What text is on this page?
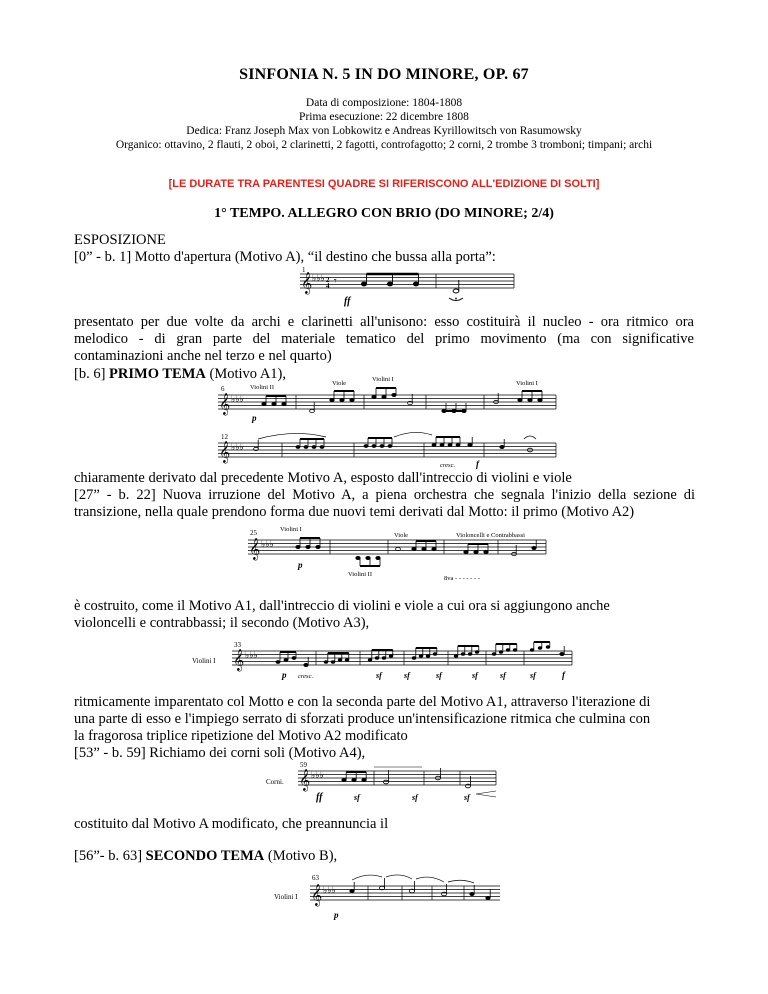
SINFONIA N. 5 IN DO MINORE, OP. 67
Data di composizione: 1804-1808
Prima esecuzione: 22 dicembre 1808
Dedica: Franz Joseph Max von Lobkowitz e Andreas Kyrillowitsch von Rasumowsky
Organico: ottavino, 2 flauti, 2 oboi, 2 clarinetti, 2 fagotti, controfagotto; 2 corni, 2 trombe 3 tromboni; timpani; archi
[LE DURATE TRA PARENTESI QUADRE SI RIFERISCONO ALL'EDIZIONE DI SOLTI]
1° TEMPO. ALLEGRO CON BRIO (DO MINORE; 2/4)
ESPOSIZIONE
[0” - b. 1] Motto d'apertura (Motivo A), “il destino che bussa alla porta”:
1
𝄞 ♭♭♭ 2
4 𝄾
ff
presentato per due volte da archi e clarinetti all'unisono: esso costituirà il nucleo - ora ritmico ora melodico - di gran parte del materiale tematico del primo movimento (ma con significative contaminazioni anche nel terzo e nel quarto)
[b. 6] PRIMO TEMA (Motivo A1),
6	Violini II
Viole
Violini I
Violini I
𝄞 ♭♭♭
12
𝄞 ♭♭♭
p
cresc. f
chiaramente derivato dal precedente Motivo A, esposto dall'intreccio di violini e viole
[27” - b. 22] Nuova irruzione del Motivo A, a piena orchestra che segnala l'inizio della sezione di transizione, nella quale prendono forma due nuovi temi derivati dal Motto: il primo (Motivo A2)
25	Violini I
Viole	Violoncelli e Contrabbassi
𝄞 ♭♭♭
p
Violini II
8va - - - - - - -
è costruito, come il Motivo A1, dall'intreccio di violini e viole a cui ora si aggiungono anche
violoncelli e contrabbassi; il secondo (Motivo A3),
33
Violini I 𝄞 ♭♭♭
p cresc.	sf	sf	sf	sf	sf	sf	f
ritmicamente imparentato col Motto e con la seconda parte del Motivo A1, attraverso l'iterazione di
una parte di esso e l'impiego serrato di sforzati produce un'intensificazione ritmica che culmina con
la fragorosa triplice ripetizione del Motivo A2 modificato
[53” - b. 59] Richiamo dei corni soli (Motivo A4),
59
Corni. 𝄞 ♭♭♭
ff	sf	sf	sf
costituito dal Motivo A modificato, che preannuncia il
[56”- b. 63] SECONDO TEMA (Motivo B),
63
Violini I 𝄞 ♭♭♭
p
